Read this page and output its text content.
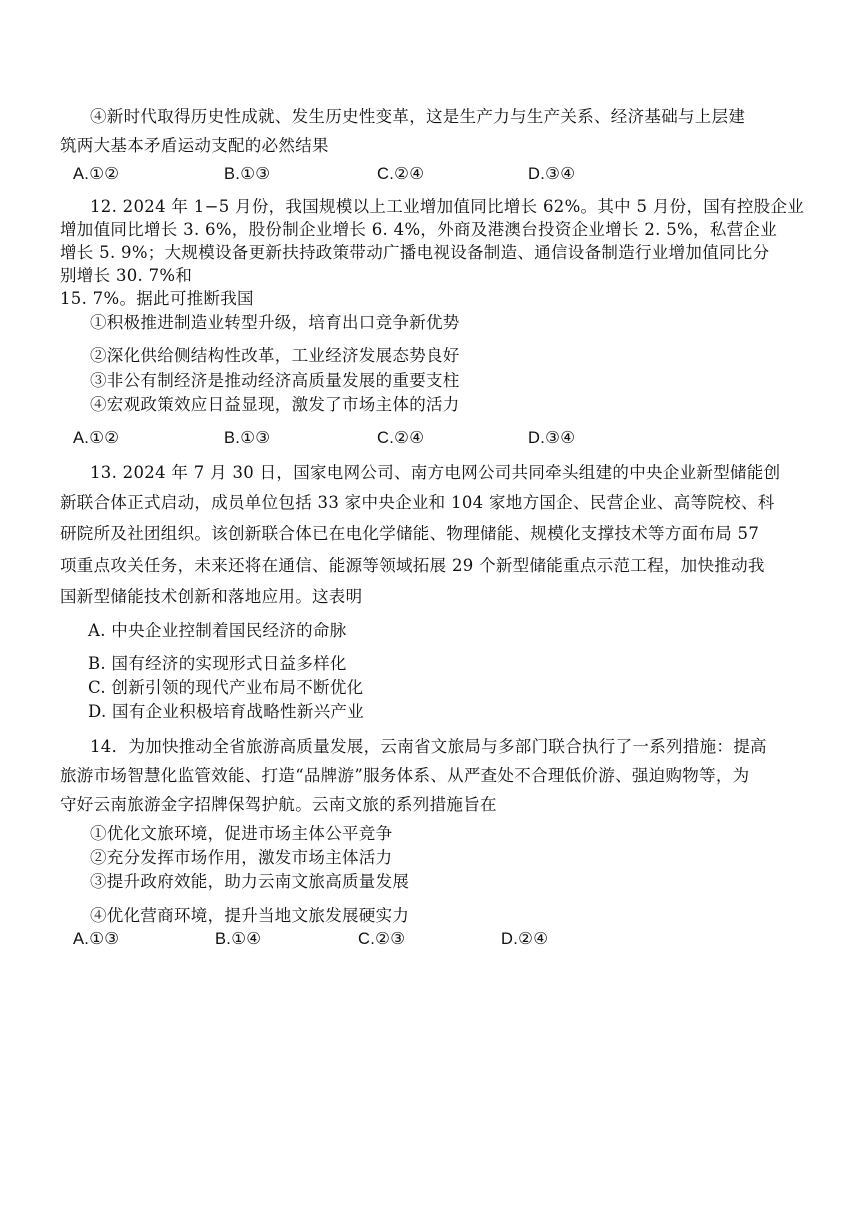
④新时代取得历史性成就、发生历史性变革，这是生产力与生产关系、经济基础与上层建
筑两大基本矛盾运动支配的必然结果
A.①②	B.①③	C.②④	D.③④
12. 2024 年 1−5 月份，我国规模以上工业增加值同比增长 62%。其中 5 月份，国有控股企业
增加值同比增长 3. 6%，股份制企业增长 6. 4%，外商及港澳台投资企业增长 2. 5%，私营企业
增长 5. 9%；大规模设备更新扶持政策带动广播电视设备制造、通信设备制造行业增加值同比分
别增长 30. 7%和
15. 7%。据此可推断我国
①积极推进制造业转型升级，培育出口竞争新优势
②深化供给侧结构性改革，工业经济发展态势良好
③非公有制经济是推动经济高质量发展的重要支柱
④宏观政策效应日益显现，激发了市场主体的活力
A.①②	B.①③	C.②④	D.③④
13. 2024 年 7 月 30 日，国家电网公司、南方电网公司共同牵头组建的中央企业新型储能创
新联合体正式启动，成员单位包括 33 家中央企业和 104 家地方国企、民营企业、高等院校、科
研院所及社团组织。该创新联合体已在电化学储能、物理储能、规模化支撑技术等方面布局 57
项重点攻关任务，未来还将在通信、能源等领域拓展 29 个新型储能重点示范工程，加快推动我
国新型储能技术创新和落地应用。这表明
A. 中央企业控制着国民经济的命脉
B. 国有经济的实现形式日益多样化
C. 创新引领的现代产业布局不断优化
D. 国有企业积极培育战略性新兴产业
14．为加快推动全省旅游高质量发展，云南省文旅局与多部门联合执行了一系列措施：提高
旅游市场智慧化监管效能、打造“品牌游”服务体系、从严查处不合理低价游、强迫购物等，为
守好云南旅游金字招牌保驾护航。云南文旅的系列措施旨在
①优化文旅环境，促进市场主体公平竞争
②充分发挥市场作用，激发市场主体活力
③提升政府效能，助力云南文旅高质量发展
④优化营商环境，提升当地文旅发展硬实力
A.①③	B.①④	C.②③	D.②④
